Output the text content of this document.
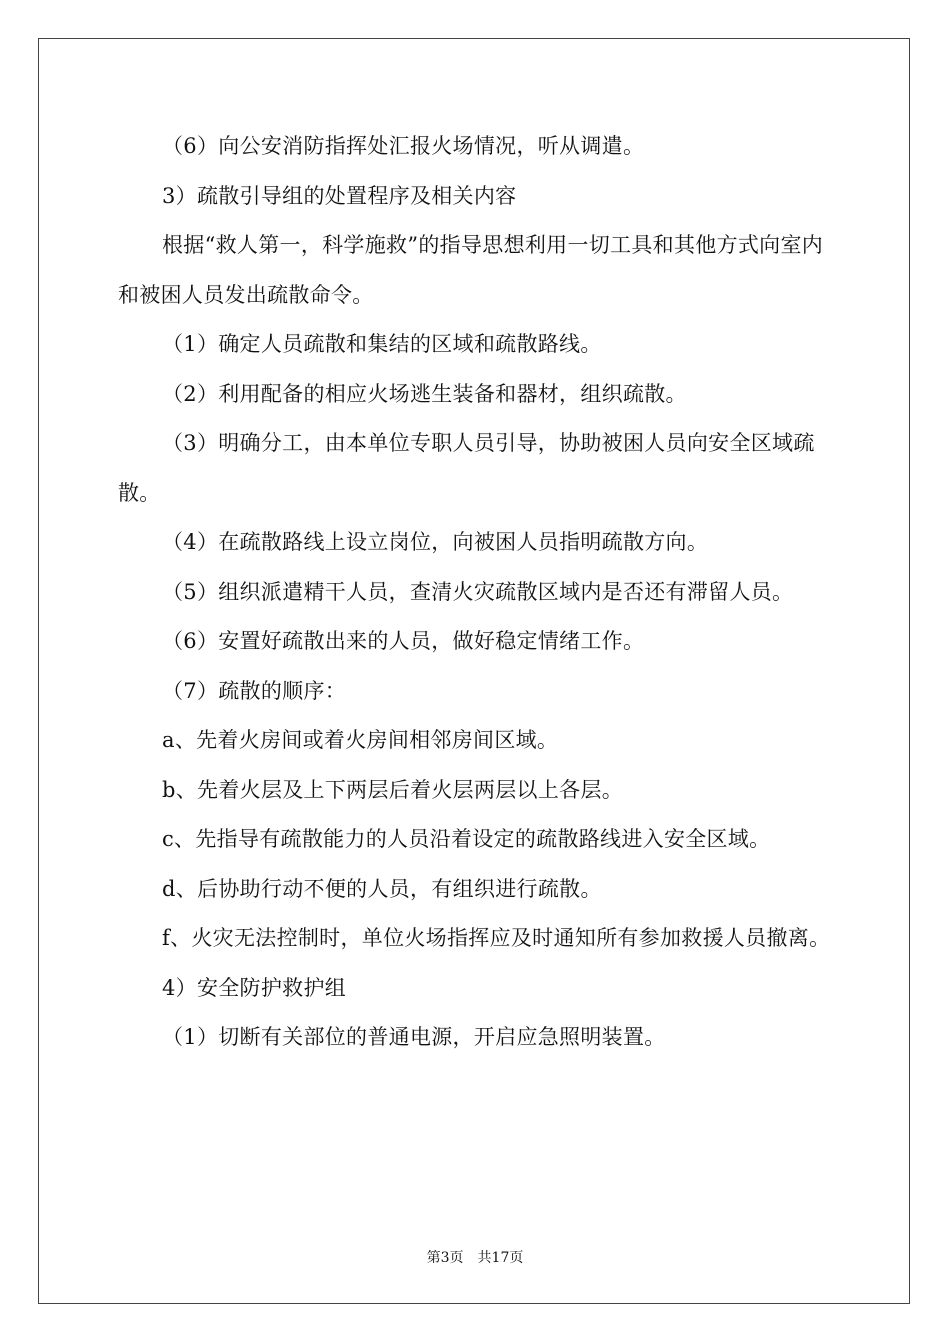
（6）向公安消防指挥处汇报火场情况，听从调遣。

3）疏散引导组的处置程序及相关内容

根据“救人第一，科学施救”的指导思想利用一切工具和其他方式向室内和被困人员发出疏散命令。

（1）确定人员疏散和集结的区域和疏散路线。

（2）利用配备的相应火场逃生装备和器材，组织疏散。

（3）明确分工，由本单位专职人员引导，协助被困人员向安全区域疏散。

（4）在疏散路线上设立岗位，向被困人员指明疏散方向。

（5）组织派遣精干人员，查清火灾疏散区域内是否还有滞留人员。

（6）安置好疏散出来的人员，做好稳定情绪工作。

（7）疏散的顺序：

a、先着火房间或着火房间相邻房间区域。

b、先着火层及上下两层后着火层两层以上各层。

c、先指导有疏散能力的人员沿着设定的疏散路线进入安全区域。

d、后协助行动不便的人员，有组织进行疏散。

f、火灾无法控制时，单位火场指挥应及时通知所有参加救援人员撤离。

4）安全防护救护组

（1）切断有关部位的普通电源，开启应急照明装置。

第3页　共17页
